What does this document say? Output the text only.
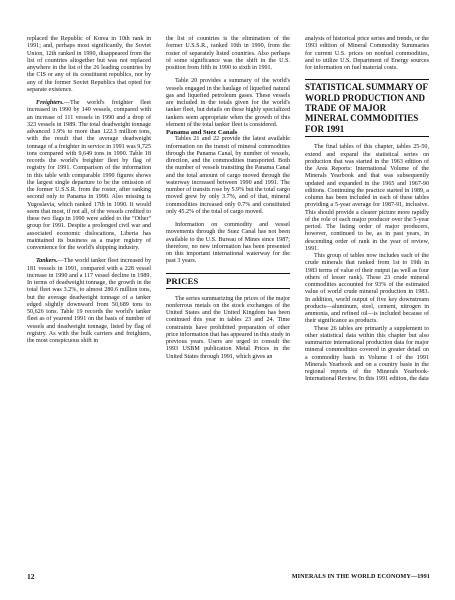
replaced the Republic of Korea in 10th rank in 1991; and, perhaps most significantly, the Soviet Union, 12th ranked in 1990, disappeared from the list of countries altogether but was not replaced anywhere in the list of the 26 leading countries by the CIS or any of its constituent republics, nor by any of the former Soviet Republics that opted for separate existence.

Freighters.—The world's freighter fleet increased in 1990 by 140 vessels, compared with an increase of 111 vessels in 1990 and a drop of 323 vessels in 1989. The total deadweight tonnage advanced 1.9% to more than 122.3 million tons, with the result that the average deadweight tonnage of a freighter in service in 1991 was 9,725 tons compared with 9,649 tons in 1990. Table 18 records the world's freighter fleet by flag of registry for 1991. Comparison of the information in this table with comparable 1990 figures shows the largest single departure to be the omission of the former U.S.S.R. from the roster, after ranking second only to Panama in 1990. Also missing is Yugoslavia, which ranked 17th in 1990. It would seem that most, if not all, of the vessels credited to these two flags in 1990 were added to the "Other" group for 1991. Despite a prolonged civil war and associated economic dislocations, Liberia has maintained its business as a major registry of convenience for the world's shipping industry.

Tankers.—The world tanker fleet increased by 181 vessels in 1991, compared with a 228 vessel increase in 1990 and a 117 vessel decline in 1989. In terms of deadweight tonnage, the growth in the total fleet was 3.2%, to almost 280.6 million tons, but the average deadweight tonnage of a tanker edged slightly downward from 50,689 tons to 50,626 tons. Table 19 records the world's tanker fleet as of yearend 1991 on the basis of number of vessels and deadweight tonnage, listed by flag of registry. As with the bulk carriers and freighters, the most conspicuous shift in

the list of countries is the elimination of the former U.S.S.R., ranked 10th in 1990, from the roster of separately listed countries. Also perhaps of some significance was the shift in the U.S. position from fifth in 1990 to sixth in 1991.

Table 20 provides a summary of the world's vessels engaged in the haulage of liquefied natural gas and liquefied petroleum gases. These vessels are included in the totals given for the world's tanker fleet, but details on these highly specialized tankers seem appropriate when the growth of this element of the total tanker fleet is considered.

Panama and Suez Canals

Tables 21 and 22 provide the latest available information on the transit of mineral commodities through the Panama Canal, by number of vessels, direction, and the commodities transported. Both the number of vessels transiting the Panama Canal and the total amount of cargo moved through the waterway increased between 1990 and 1991. The number of transits rose by 5.9% but the total cargo moved grew by only 3.7%, and of that, mineral commodities increased only 0.7% and constituted only 45.2% of the total of cargo moved.

Information on commodity and vessel movements through the Suez Canal has not been available to the U.S. Bureau of Mines since 1987; therefore, no new information has been presented on this important international waterway for the past 3 years.

PRICES

The series summarizing the prices of the major nonferrous metals on the stock exchanges of the United States and the United Kingdom has been continued this year in tables 23 and 24. Time constraints have prohibited preparation of other price information that has appeared in this study in previous years. Users are urged to consult the 1993 USBM publication Metal Prices in the United States through 1991, which gives an

analysis of historical price series and trends, or the 1993 edition of Mineral Commodity Summaries for current U.S. prices on nonfuel commodities, and to utilize U.S. Department of Energy sources for information on fuel material costs.

STATISTICAL SUMMARY OF WORLD PRODUCTION AND TRADE OF MAJOR MINERAL COMMODITIES FOR 1991

The final tables of this chapter, tables 25-50, extend and expand the statistical series on production that was started in the 1963 edition of the Area Reports: International Volume of the Minerals Yearbook and that was subsequently updated and expanded in the 1965 and 1967-90 editions. Continuing the practice started in 1989, a column has been included in each of these tables providing a 5-year average for 1987-91, inclusive. This should provide a clearer picture more rapidly of the role of each major producer over the 5-year period. The listing order of major producers, however, continued to be, as in past years, in descending order of rank in the year of review, 1991.

This group of tables now includes each of the crude minerals that ranked from 1st to 19th in 1983 terms of value of their output (as well as four others of lesser rank). These 23 crude mineral commodities accounted for 93% of the estimated value of world crude mineral production in 1983. In addition, world output of five key downstream products—aluminum, steel, cement, nitrogen in ammonia, and refined oil—is included because of their significance as products.

These 26 tables are primarily a supplement to other statistical data within this chapter but also summarize international production data for major mineral commodities covered in greater detail on a commodity basis in Volume I of the 1991 Minerals Yearbook and on a country basis in the regional reports of the Minerals Yearbook-International Review. In this 1991 edition, the data

12	MINERALS IN THE WORLD ECONOMY—1991
